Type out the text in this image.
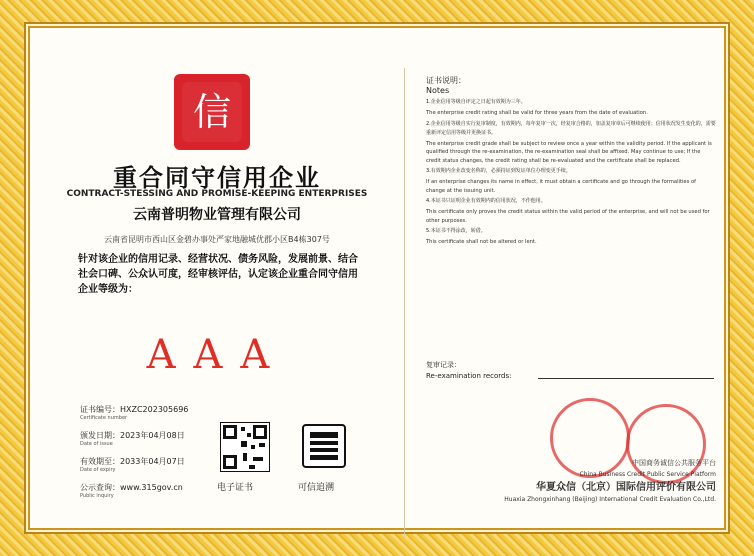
信
重合同守信用企业
CONTRACT-STESSING AND PROMISE-KEEPING ENTERPRISES
云南普明物业管理有限公司
云南省昆明市西山区金碧办事处严家地融城优郡小区B4栋307号
针对该企业的信用记录、经营状况、债务风险，发展前景、结合社会口碑、公众认可度，经审核评估，认定该企业重合同守信用企业等级为：
AAA
证书编号：HXZC202305696
Certificate number
颁发日期：2023年04月08日
Date of issue
有效期至：2033年04月07日
Date of expiry
公示查询：www.315gov.cn
Public inquiry
电子证书	可信追溯
证书说明：
Notes
1.企业信用等级自评定之日起有效期为三年。
The enterprise credit rating shall be valid for three years from the date of evaluation.
2.企业信用等级自实行复审制度，有效期内，每年复审一次，经复审合格的，加盖复审章后可继续使用；信用状况发生变化的，需要重新评定信用等级并更换证书。
The enterprise credit grade shall be subject to review once a year within the validity period. If the applicant is qualified through the re-examination, the re-examination seal shall be affixed. May continue to use; If the credit status changes, the credit rating shall be re-evaluated and the certificate shall be replaced.
3.有效期内企业改变名称的，必须持证到发证单位办理变更手续。
If an enterprise changes its name in effect, it must obtain a certificate and go through the formalities of change at the issuing unit.
4.本证书只证明企业有效期内的信用状况，不作他用。
This certificate only proves the credit status within the valid period of the enterprise, and will not be used for other purposes.
5.本证书不得涂改，转借。
This certificate shall not be altered or lent.
复审记录：
Re-examination records:
中国商务诚信公共服务平台
China Business Credit Public Service Platform
华夏众信（北京）国际信用评价有限公司
Huaxia Zhongxinhang (Beijing) International Credit Evaluation Co.,Ltd.
